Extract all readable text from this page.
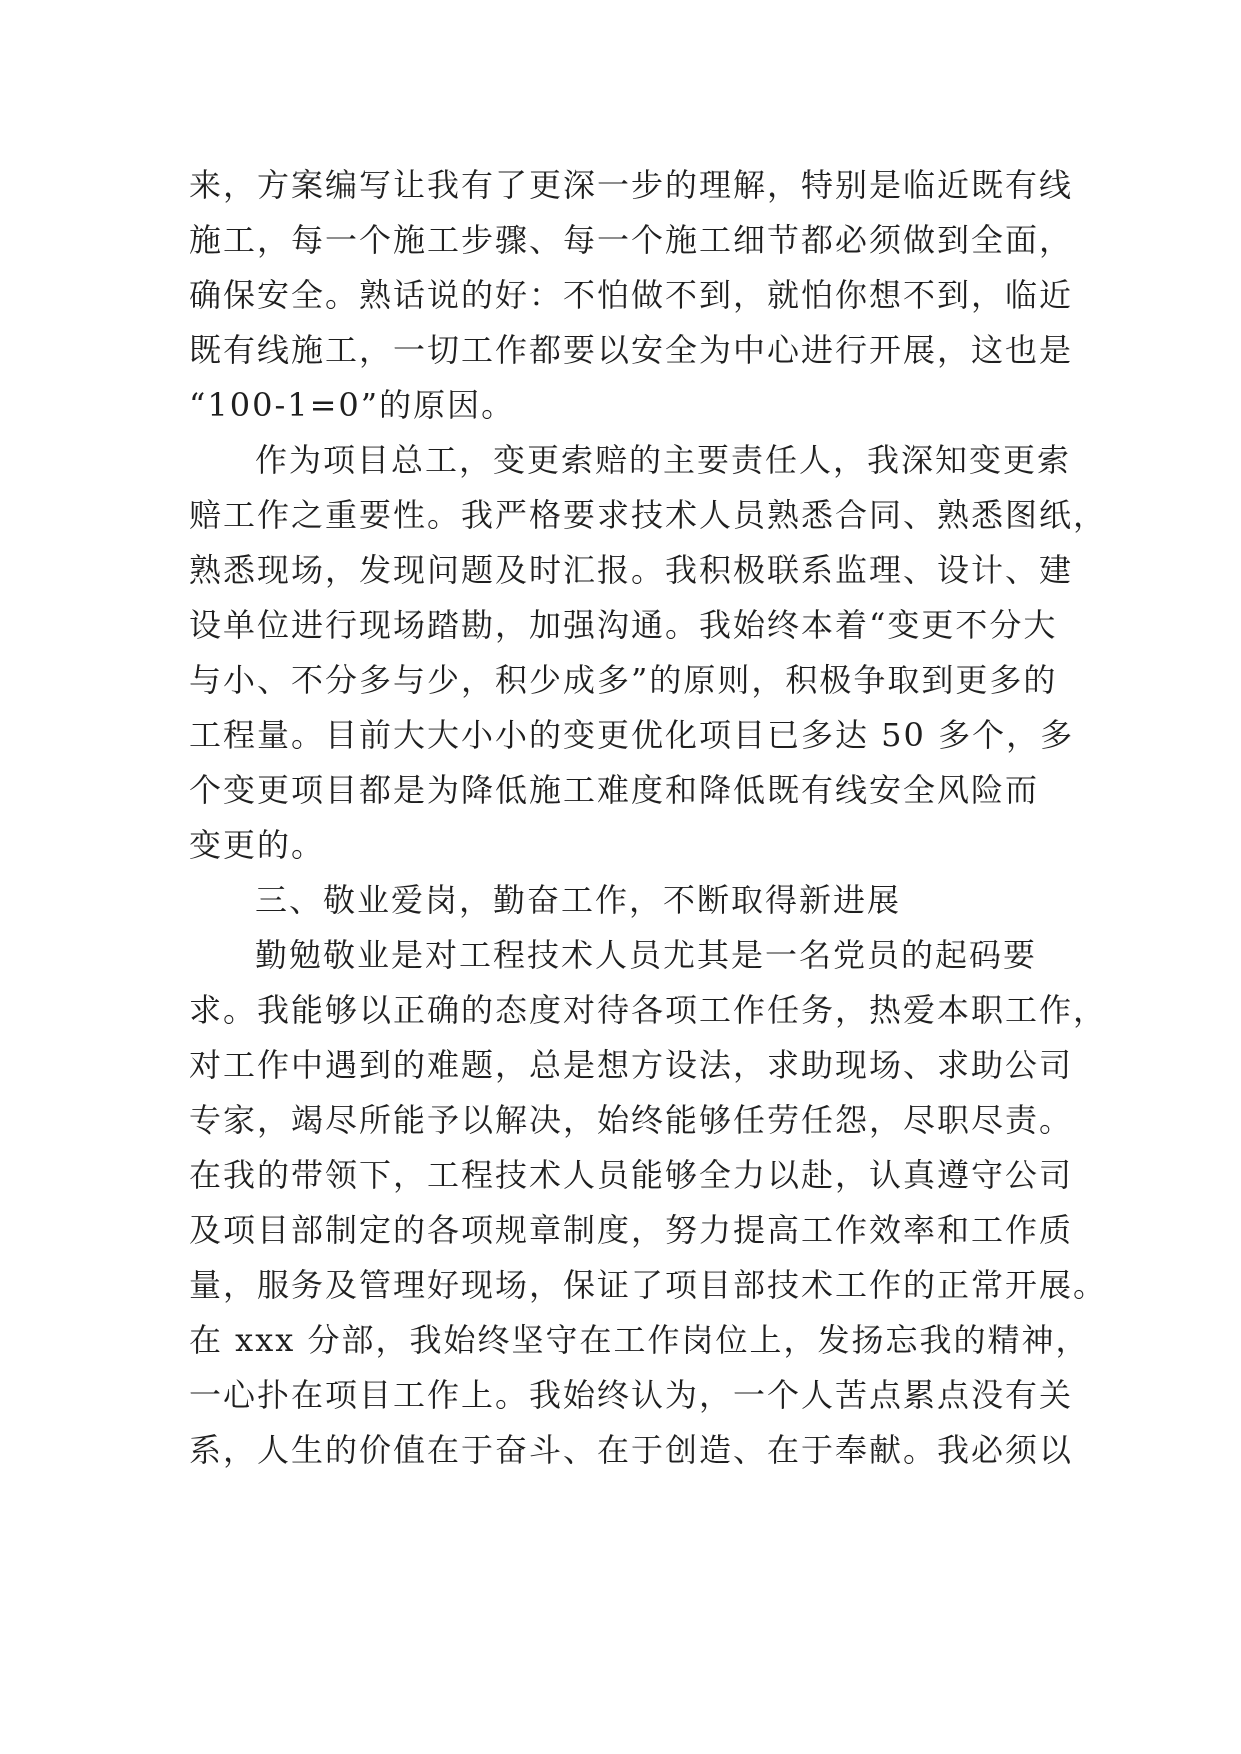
来，方案编写让我有了更深一步的理解，特别是临近既有线
施工，每一个施工步骤、每一个施工细节都必须做到全面，
确保安全。熟话说的好：不怕做不到，就怕你想不到，临近
既有线施工，一切工作都要以安全为中心进行开展，这也是
“100-1=0”的原因。
作为项目总工，变更索赔的主要责任人，我深知变更索
赔工作之重要性。我严格要求技术人员熟悉合同、熟悉图纸，
熟悉现场，发现问题及时汇报。我积极联系监理、设计、建
设单位进行现场踏勘，加强沟通。我始终本着“变更不分大
与小、不分多与少，积少成多”的原则，积极争取到更多的
工程量。目前大大小小的变更优化项目已多达 50 多个，多
个变更项目都是为降低施工难度和降低既有线安全风险而
变更的。
三、敬业爱岗，勤奋工作，不断取得新进展
勤勉敬业是对工程技术人员尤其是一名党员的起码要
求。我能够以正确的态度对待各项工作任务，热爱本职工作，
对工作中遇到的难题，总是想方设法，求助现场、求助公司
专家，竭尽所能予以解决，始终能够任劳任怨，尽职尽责。
在我的带领下，工程技术人员能够全力以赴，认真遵守公司
及项目部制定的各项规章制度，努力提高工作效率和工作质
量，服务及管理好现场，保证了项目部技术工作的正常开展。
在 xxx 分部，我始终坚守在工作岗位上，发扬忘我的精神，
一心扑在项目工作上。我始终认为，一个人苦点累点没有关
系，人生的价值在于奋斗、在于创造、在于奉献。我必须以
